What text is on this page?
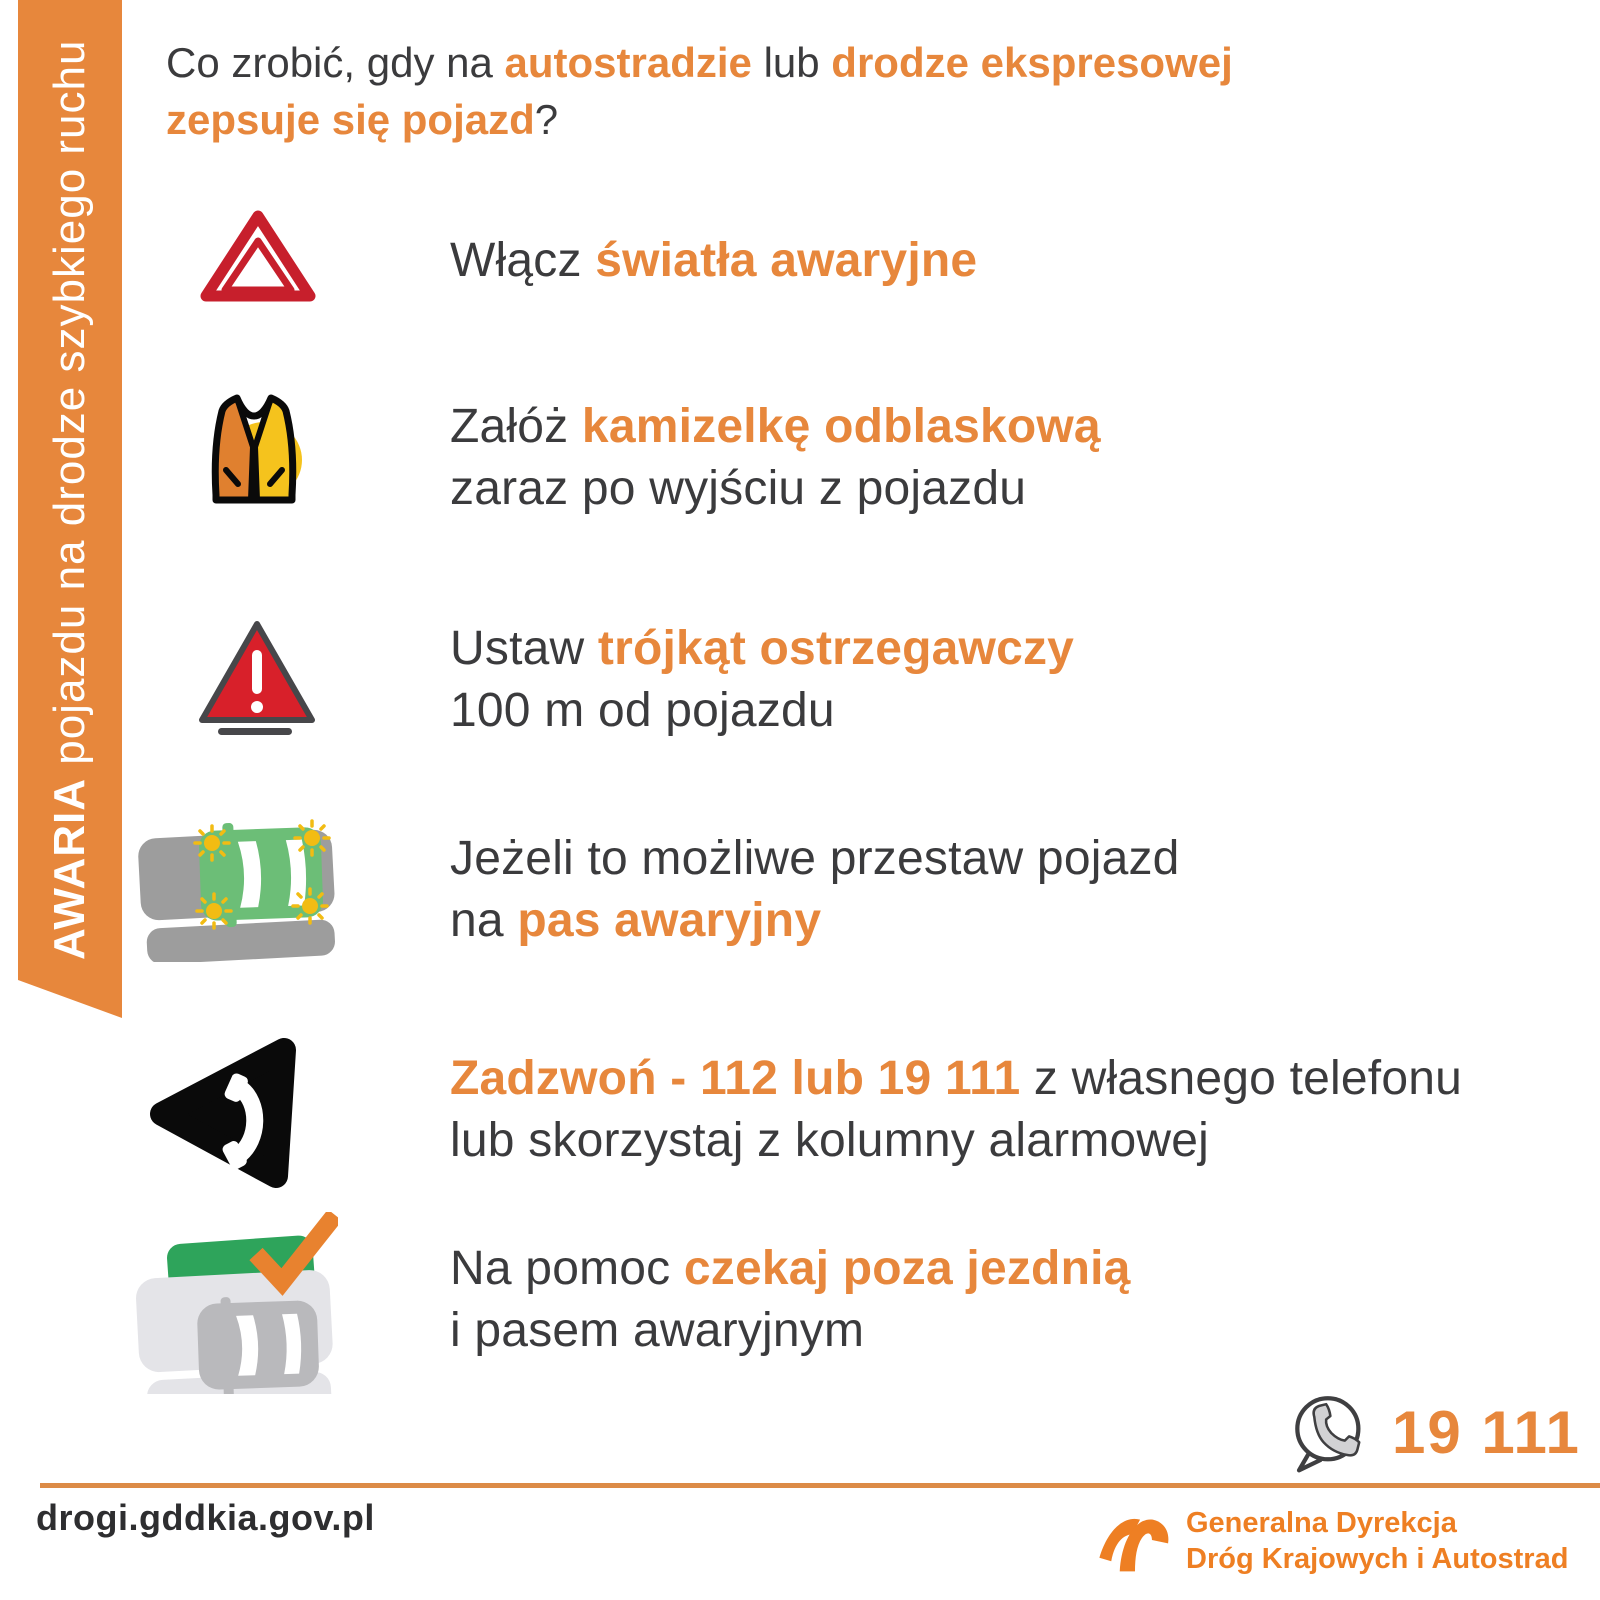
AWARIA pojazdu na drodze szybkiego ruchu	Co zrobić, gdy na autostradzie lub drodze ekspresowej
zepsuje się pojazd?
Włącz światła awaryjne
Załóż kamizelkę odblaskową
zaraz po wyjściu z pojazdu
Ustaw trójkąt ostrzegawczy
100 m od pojazdu
Jeżeli to możliwe przestaw pojazd
na pas awaryjny
Zadzwoń - 112 lub 19 111 z własnego telefonu
lub skorzystaj z kolumny alarmowej
Na pomoc czekaj poza jezdnią
i pasem awaryjnym
19 111
drogi.gddkia.gov.pl	Generalna Dyrekcja
Dróg Krajowych i Autostrad
